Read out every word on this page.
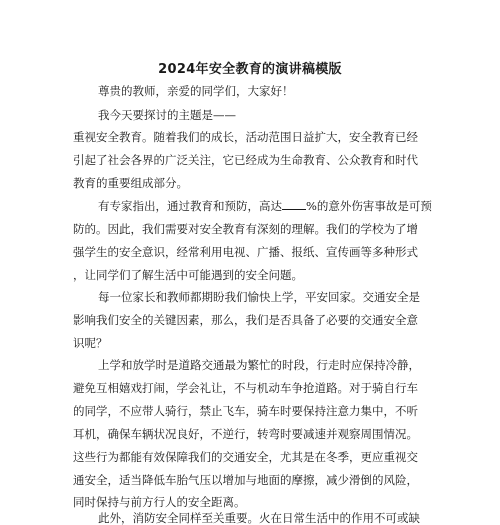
2024年安全教育的演讲稿模版
尊贵的教师，亲爱的同学们，大家好！
我今天要探讨的主题是——
重视安全教育。随着我们的成长，活动范围日益扩大，安全教育已经
引起了社会各界的广泛关注，它已经成为生命教育、公众教育和时代
教育的重要组成部分。
有专家指出，通过教育和预防，高达 %的意外伤害事故是可预
防的。因此，我们需要对安全教育有深刻的理解。我们的学校为了增
强学生的安全意识，经常利用电视、广播、报纸、宣传画等多种形式
，让同学们了解生活中可能遇到的安全问题。
每一位家长和教师都期盼我们愉快上学，平安回家。交通安全是
影响我们安全的关键因素，那么，我们是否具备了必要的交通安全意
识呢？
上学和放学时是道路交通最为繁忙的时段，行走时应保持冷静，
避免互相嬉戏打闹，学会礼让，不与机动车争抢道路。对于骑自行车
的同学，不应带人骑行，禁止飞车，骑车时要保持注意力集中，不听
耳机，确保车辆状况良好，不逆行，转弯时要减速并观察周围情况。
这些行为都能有效保障我们的交通安全，尤其是在冬季，更应重视交
通安全，适当降低车胎气压以增加与地面的摩擦，减少滑倒的风险，
同时保持与前方行人的安全距离。
此外，消防安全同样至关重要。火在日常生活中的作用不可或缺
